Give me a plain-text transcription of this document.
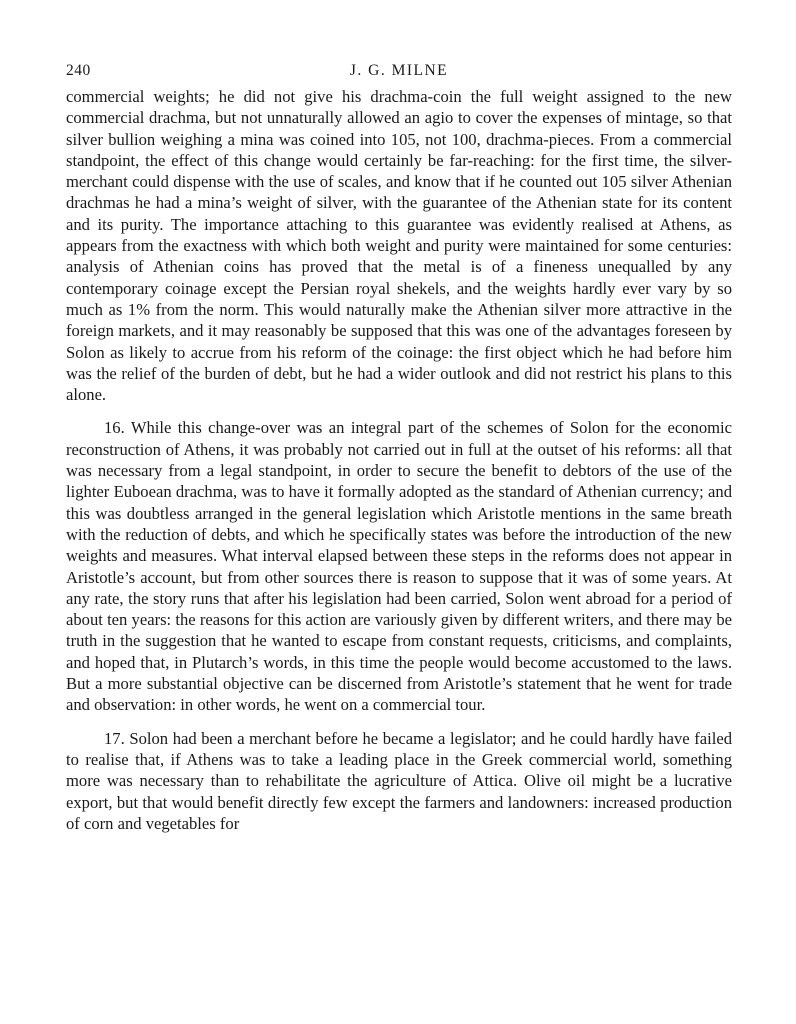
240	J. G. MILNE

commercial weights; he did not give his drachma-coin the full weight assigned to the new commercial drachma, but not unnaturally allowed an agio to cover the expenses of mintage, so that silver bullion weighing a mina was coined into 105, not 100, drachma-pieces. From a commercial standpoint, the effect of this change would certainly be far-reaching: for the first time, the silver-merchant could dispense with the use of scales, and know that if he counted out 105 silver Athenian drachmas he had a mina’s weight of silver, with the guarantee of the Athenian state for its content and its purity. The importance attaching to this guarantee was evidently realised at Athens, as appears from the exactness with which both weight and purity were maintained for some centuries: analysis of Athenian coins has proved that the metal is of a fineness unequalled by any contemporary coinage except the Persian royal shekels, and the weights hardly ever vary by so much as 1% from the norm. This would naturally make the Athenian silver more attractive in the foreign markets, and it may reasonably be supposed that this was one of the advantages foreseen by Solon as likely to accrue from his reform of the coinage: the first object which he had before him was the relief of the burden of debt, but he had a wider outlook and did not restrict his plans to this alone.

16. While this change-over was an integral part of the schemes of Solon for the economic reconstruction of Athens, it was probably not carried out in full at the outset of his reforms: all that was necessary from a legal standpoint, in order to secure the benefit to debtors of the use of the lighter Euboean drachma, was to have it formally adopted as the standard of Athenian currency; and this was doubtless arranged in the general legislation which Aristotle mentions in the same breath with the reduction of debts, and which he specifically states was before the introduction of the new weights and measures. What interval elapsed between these steps in the reforms does not appear in Aristotle’s account, but from other sources there is reason to suppose that it was of some years. At any rate, the story runs that after his legislation had been carried, Solon went abroad for a period of about ten years: the reasons for this action are variously given by different writers, and there may be truth in the suggestion that he wanted to escape from constant requests, criticisms, and complaints, and hoped that, in Plutarch’s words, in this time the people would become accustomed to the laws. But a more substantial objective can be discerned from Aristotle’s statement that he went for trade and observation: in other words, he went on a commercial tour.

17. Solon had been a merchant before he became a legislator; and he could hardly have failed to realise that, if Athens was to take a leading place in the Greek commercial world, something more was necessary than to rehabilitate the agriculture of Attica. Olive oil might be a lucrative export, but that would benefit directly few except the farmers and landowners: increased production of corn and vegetables for
